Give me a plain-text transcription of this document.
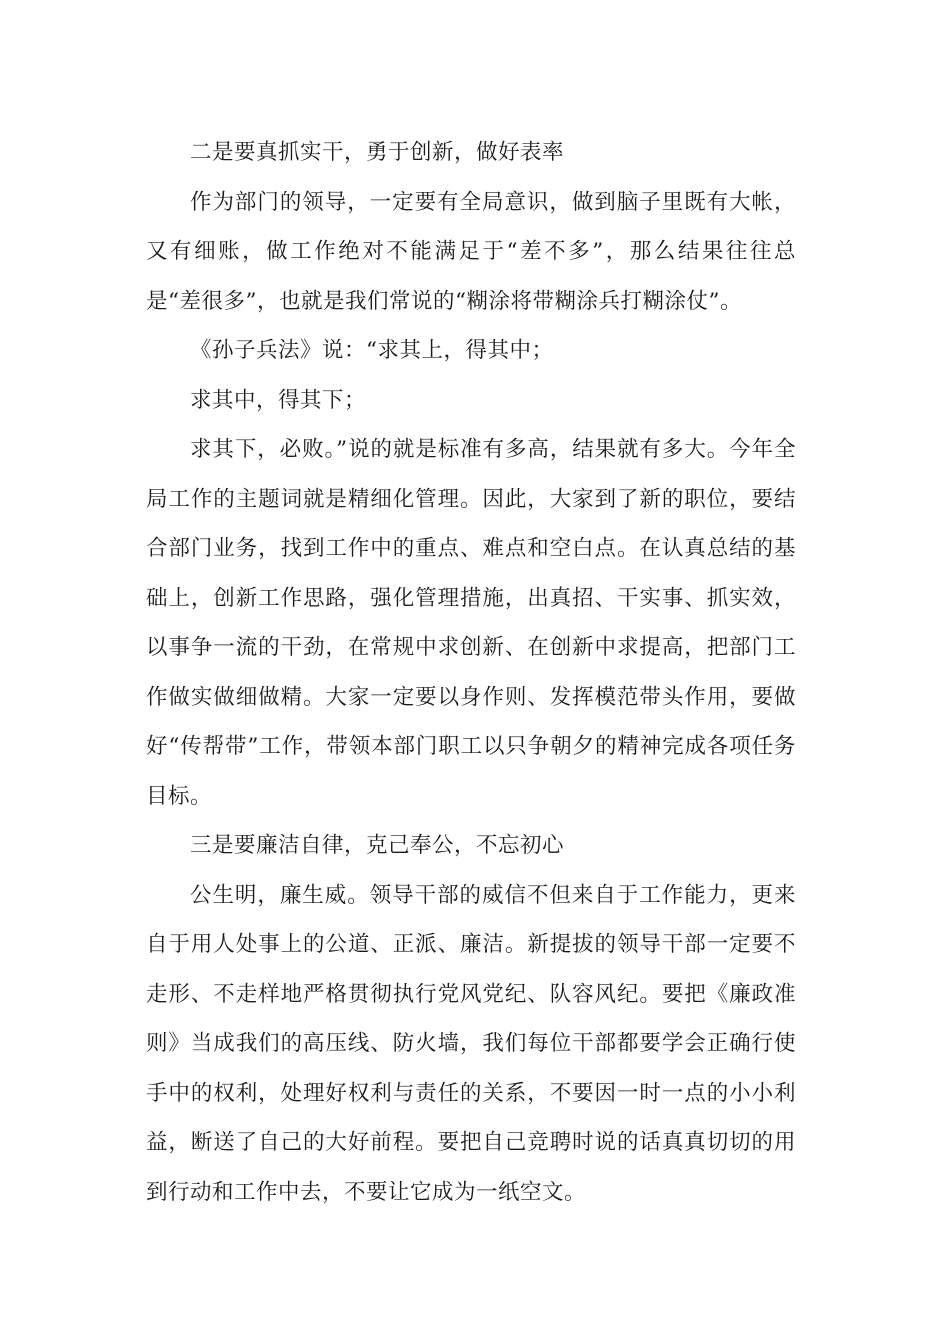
二是要真抓实干，勇于创新，做好表率

作为部门的领导，一定要有全局意识，做到脑子里既有大帐，又有细账，做工作绝对不能满足于“差不多”，那么结果往往总是“差很多”，也就是我们常说的“糊涂将带糊涂兵打糊涂仗”。

《孙子兵法》说：“求其上，得其中；

求其中，得其下；

求其下，必败。”说的就是标准有多高，结果就有多大。今年全局工作的主题词就是精细化管理。因此，大家到了新的职位，要结合部门业务，找到工作中的重点、难点和空白点。在认真总结的基础上，创新工作思路，强化管理措施，出真招、干实事、抓实效，以事争一流的干劲，在常规中求创新、在创新中求提高，把部门工作做实做细做精。大家一定要以身作则、发挥模范带头作用，要做好“传帮带”工作，带领本部门职工以只争朝夕的精神完成各项任务目标。

三是要廉洁自律，克己奉公，不忘初心

公生明，廉生威。领导干部的威信不但来自于工作能力，更来自于用人处事上的公道、正派、廉洁。新提拔的领导干部一定要不走形、不走样地严格贯彻执行党风党纪、队容风纪。要把《廉政准则》当成我们的高压线、防火墙，我们每位干部都要学会正确行使手中的权利，处理好权利与责任的关系，不要因一时一点的小小利益，断送了自己的大好前程。要把自己竞聘时说的话真真切切的用到行动和工作中去，不要让它成为一纸空文。
